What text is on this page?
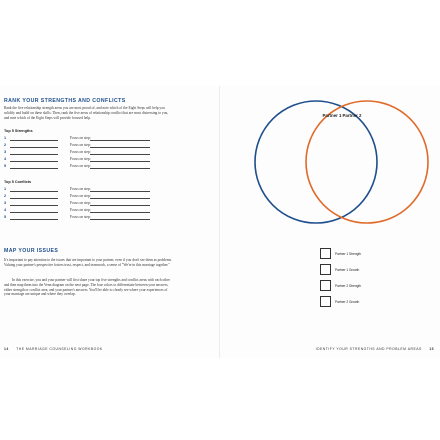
RANK YOUR STRENGTHS AND CONFLICTS
Rank the five relationship strength areas you are most proud of, and note which of the Eight Steps will help you solidify and build on these skills. Then, rank the five areas of relationship conflict that are most distressing to you, and note which of the Eight Steps will provide focused help.
Top 5 Strengths
1	Focus on step:
2	Focus on step:
3	Focus on step:
4	Focus on step:
5	Focus on step:
Top 5 Conflicts
1	Focus on step:
2	Focus on step:
3	Focus on step:
4	Focus on step:
5	Focus on step:
MAP YOUR ISSUES
It's important to pay attention to the issues that are important to your partner, even if you don't see them as problems. Valuing your partner's perspective fosters trust, respect, and teamwork, a sense of "We're in this marriage together."
In this exercise, you and your partner will first share your top five strengths and conflict areas with each other and then map them into the Venn diagram on the next page. The four colors to differentiate between your answers, either strength or conflict area, and your partner's answers. You'll be able to clearly see where your experiences of your marriage are unique and where they overlap.
14 THE MARRIAGE COUNSELING WORKBOOK
Partner 1 Partner 2
Partner 1 Strength
Partner 1 Growth
Partner 2 Strength
Partner 2 Growth
IDENTIFY YOUR STRENGTHS AND PROBLEM AREAS 15
